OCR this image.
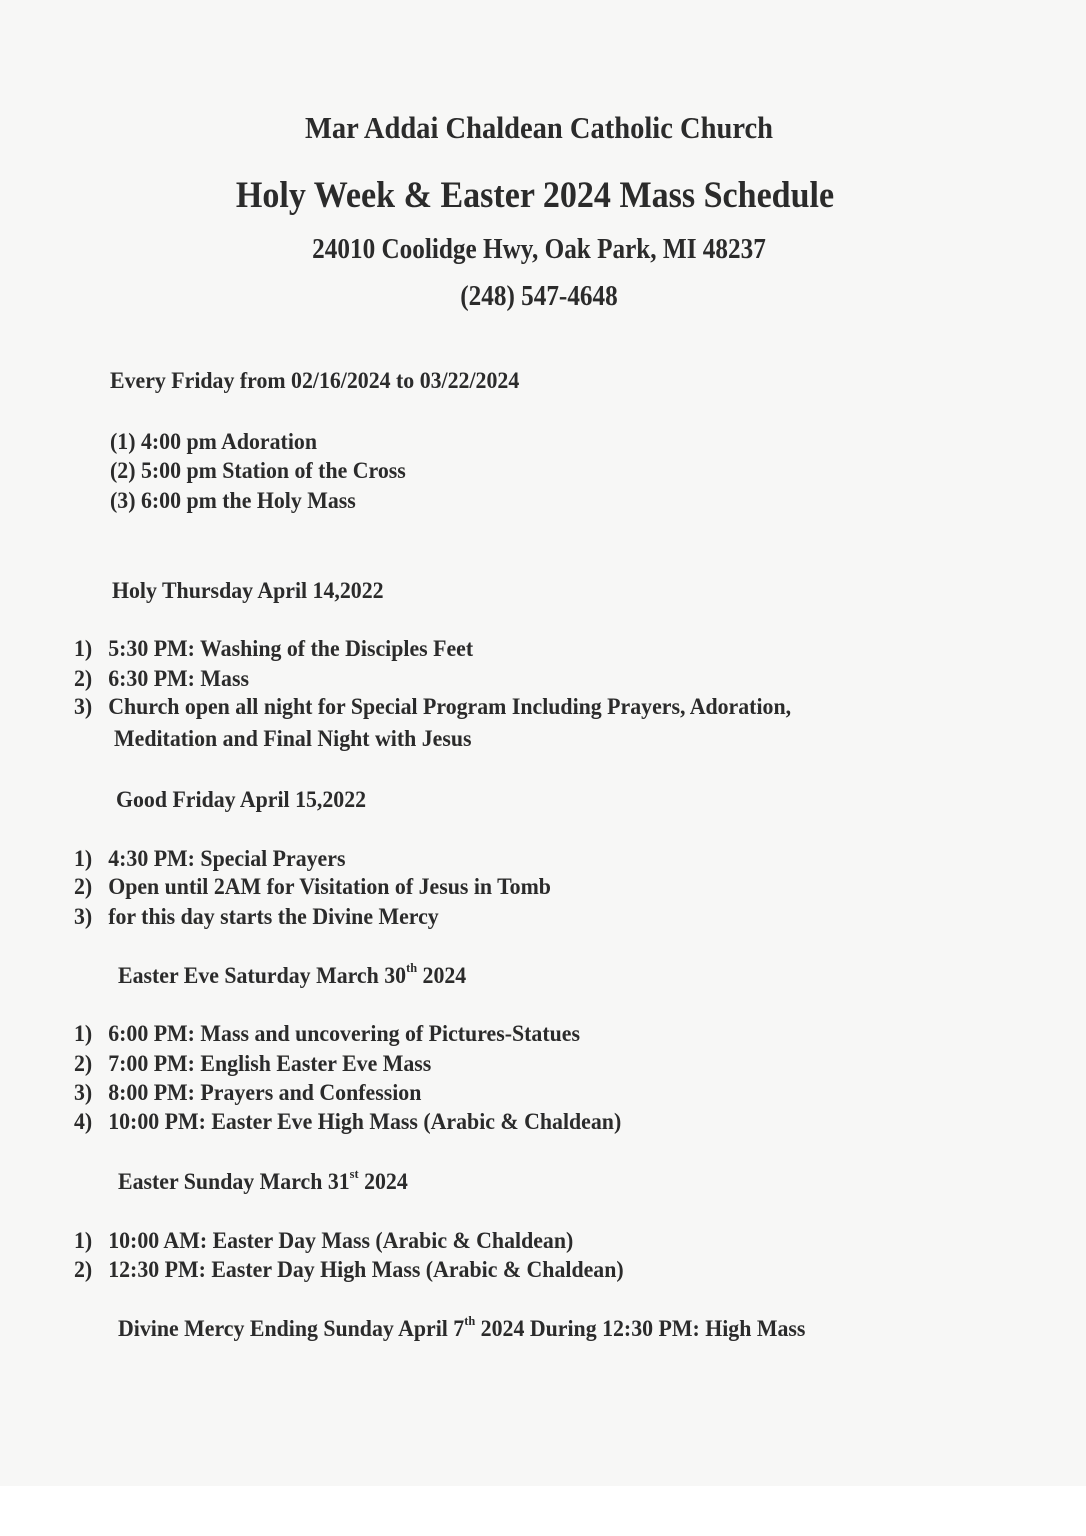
Mar Addai Chaldean Catholic Church
Holy Week & Easter 2024 Mass Schedule
24010 Coolidge Hwy, Oak Park, MI 48237
(248) 547-4648
Every Friday from 02/16/2024 to 03/22/2024
(1) 4:00 pm Adoration
(2) 5:00 pm Station of the Cross
(3) 6:00 pm the Holy Mass
Holy Thursday April 14,2022
1) 5:30 PM: Washing of the Disciples Feet
2) 6:30 PM: Mass
3) Church open all night for Special Program Including Prayers, Adoration,
Meditation and Final Night with Jesus
Good Friday April 15,2022
1) 4:30 PM: Special Prayers
2) Open until 2AM for Visitation of Jesus in Tomb
3) for this day starts the Divine Mercy
Easter Eve Saturday March 30th 2024
1) 6:00 PM: Mass and uncovering of Pictures-Statues
2) 7:00 PM: English Easter Eve Mass
3) 8:00 PM: Prayers and Confession
4) 10:00 PM: Easter Eve High Mass (Arabic & Chaldean)
Easter Sunday March 31st 2024
1) 10:00 AM: Easter Day Mass (Arabic & Chaldean)
2) 12:30 PM: Easter Day High Mass (Arabic & Chaldean)
Divine Mercy Ending Sunday April 7th 2024 During 12:30 PM: High Mass
